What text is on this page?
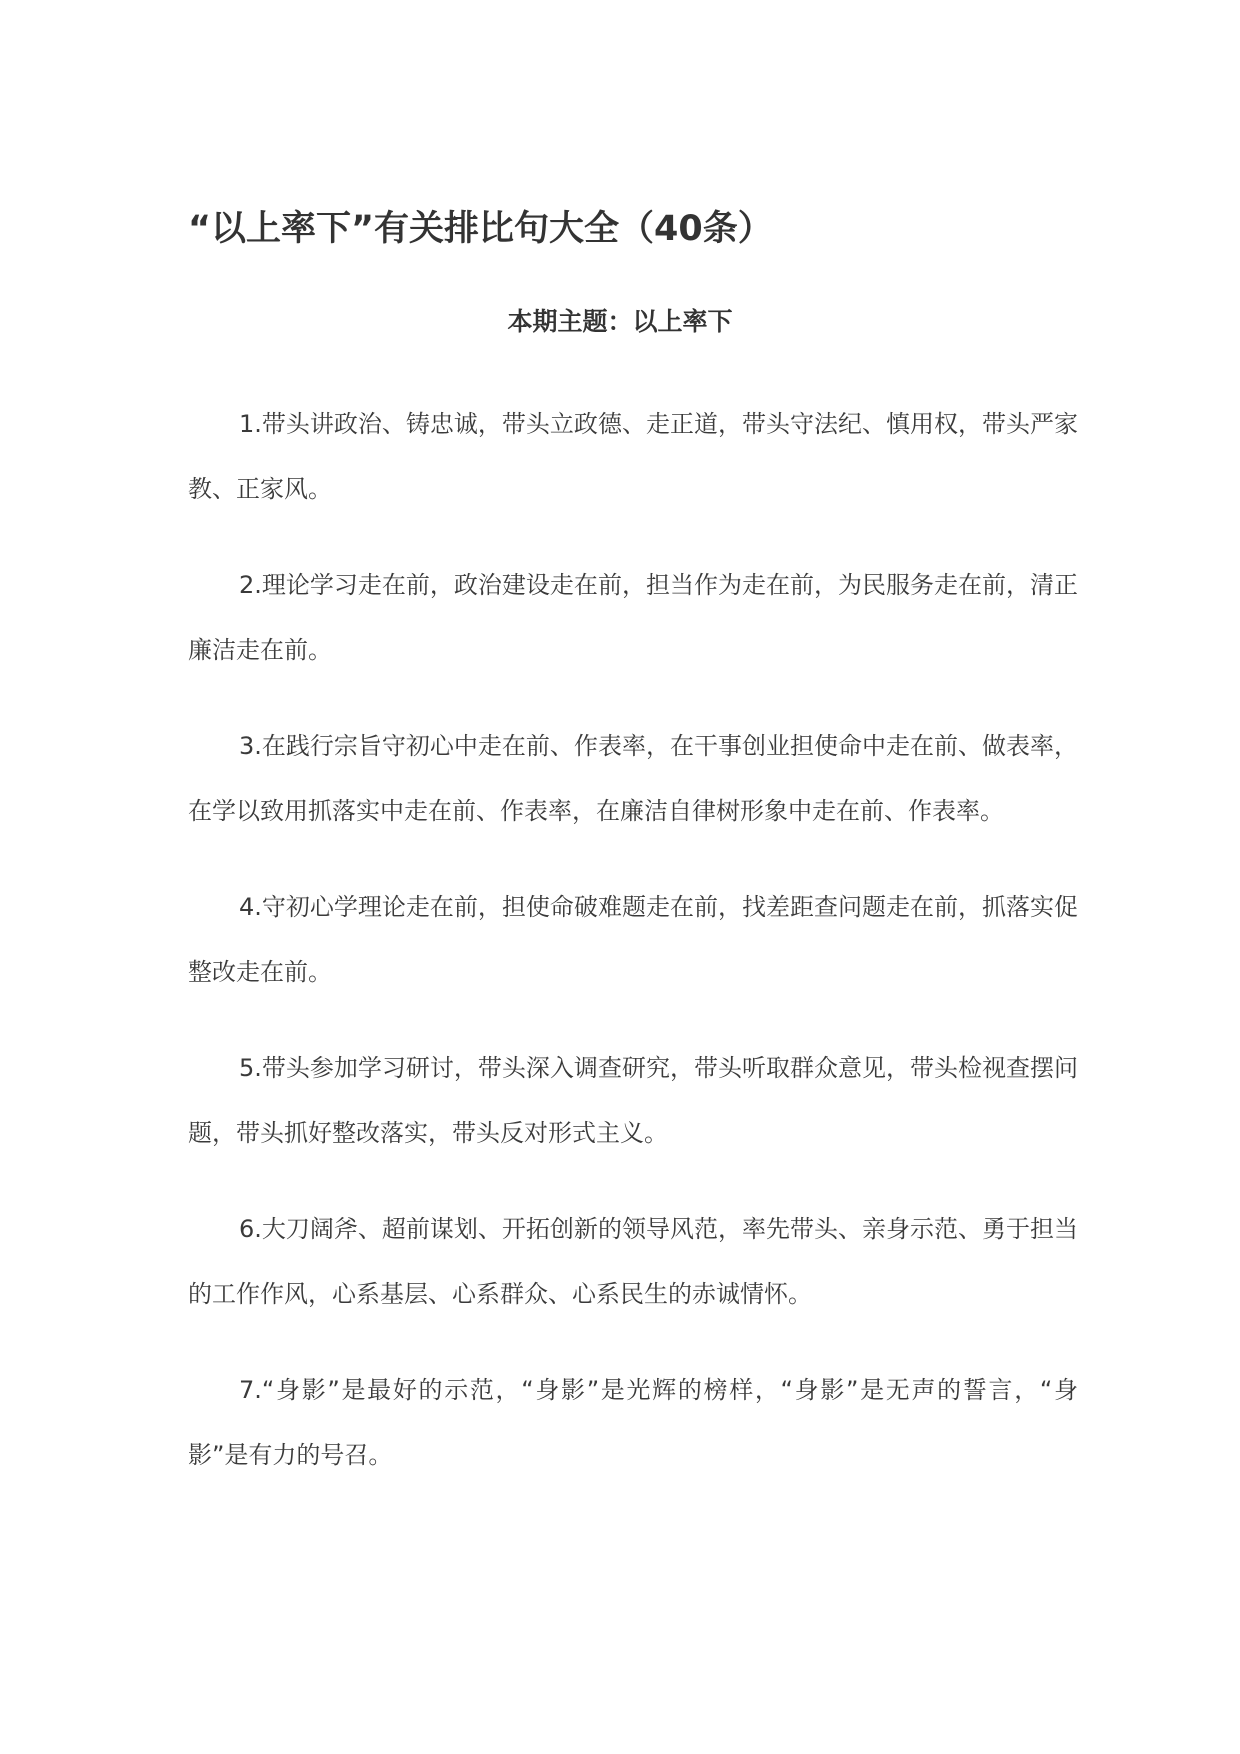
“以上率下”有关排比句大全（40条）
本期主题：以上率下

1.带头讲政治、铸忠诚，带头立政德、走正道，带头守法纪、慎用权，带头严家教、正家风。

2.理论学习走在前，政治建设走在前，担当作为走在前，为民服务走在前，清正廉洁走在前。

3.在践行宗旨守初心中走在前、作表率，在干事创业担使命中走在前、做表率，在学以致用抓落实中走在前、作表率，在廉洁自律树形象中走在前、作表率。

4.守初心学理论走在前，担使命破难题走在前，找差距查问题走在前，抓落实促整改走在前。

5.带头参加学习研讨，带头深入调查研究，带头听取群众意见，带头检视查摆问题，带头抓好整改落实，带头反对形式主义。

6.大刀阔斧、超前谋划、开拓创新的领导风范，率先带头、亲身示范、勇于担当的工作作风，心系基层、心系群众、心系民生的赤诚情怀。

7.“身影”是最好的示范，“身影”是光辉的榜样，“身影”是无声的誓言，“身影”是有力的号召。
